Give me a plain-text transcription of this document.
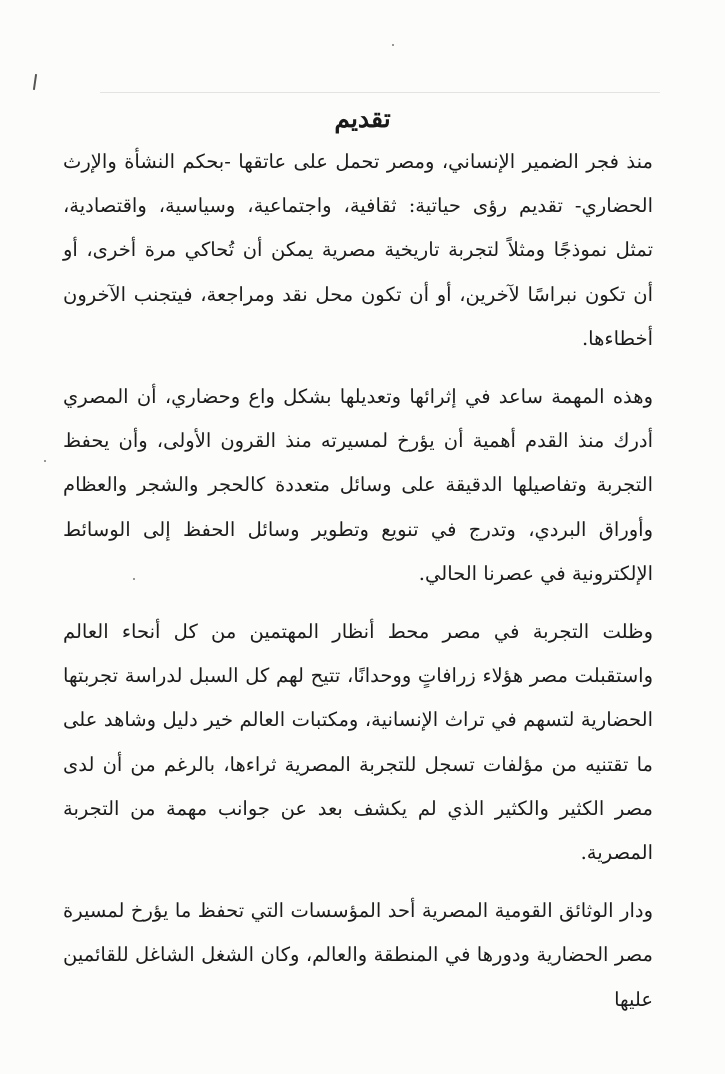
تقديم

منذ فجر الضمير الإنساني، ومصر تحمل على عاتقها -بحكم النشأة والإرث الحضاري- تقديم رؤى حياتية: ثقافية، واجتماعية، وسياسية، واقتصادية، تمثل نموذجًا ومثلاً لتجربة تاريخية مصرية يمكن أن تُحاكي مرة أخرى، أو أن تكون نبراسًا لآخرين، أو أن تكون محل نقد ومراجعة، فيتجنب الآخرون أخطاءها.

وهذه المهمة ساعد في إثرائها وتعديلها بشكل واع وحضاري، أن المصري أدرك منذ القدم أهمية أن يؤرخ لمسيرته منذ القرون الأولى، وأن يحفظ التجربة وتفاصيلها الدقيقة على وسائل متعددة كالحجر والشجر والعظام وأوراق البردي، وتدرج في تنويع وتطوير وسائل الحفظ إلى الوسائط الإلكترونية في عصرنا الحالي.

وظلت التجربة في مصر محط أنظار المهتمين من كل أنحاء العالم واستقبلت مصر هؤلاء زرافاتٍ ووحدانًا، تتيح لهم كل السبل لدراسة تجربتها الحضارية لتسهم في تراث الإنسانية، ومكتبات العالم خير دليل وشاهد على ما تقتنيه من مؤلفات تسجل للتجربة المصرية ثراءها، بالرغم من أن لدى مصر الكثير والكثير الذي لم يكشف بعد عن جوانب مهمة من التجربة المصرية.

ودار الوثائق القومية المصرية أحد المؤسسات التي تحفظ ما يؤرخ لمسيرة مصر الحضارية ودورها في المنطقة والعالم، وكان الشغل الشاغل للقائمين عليها
